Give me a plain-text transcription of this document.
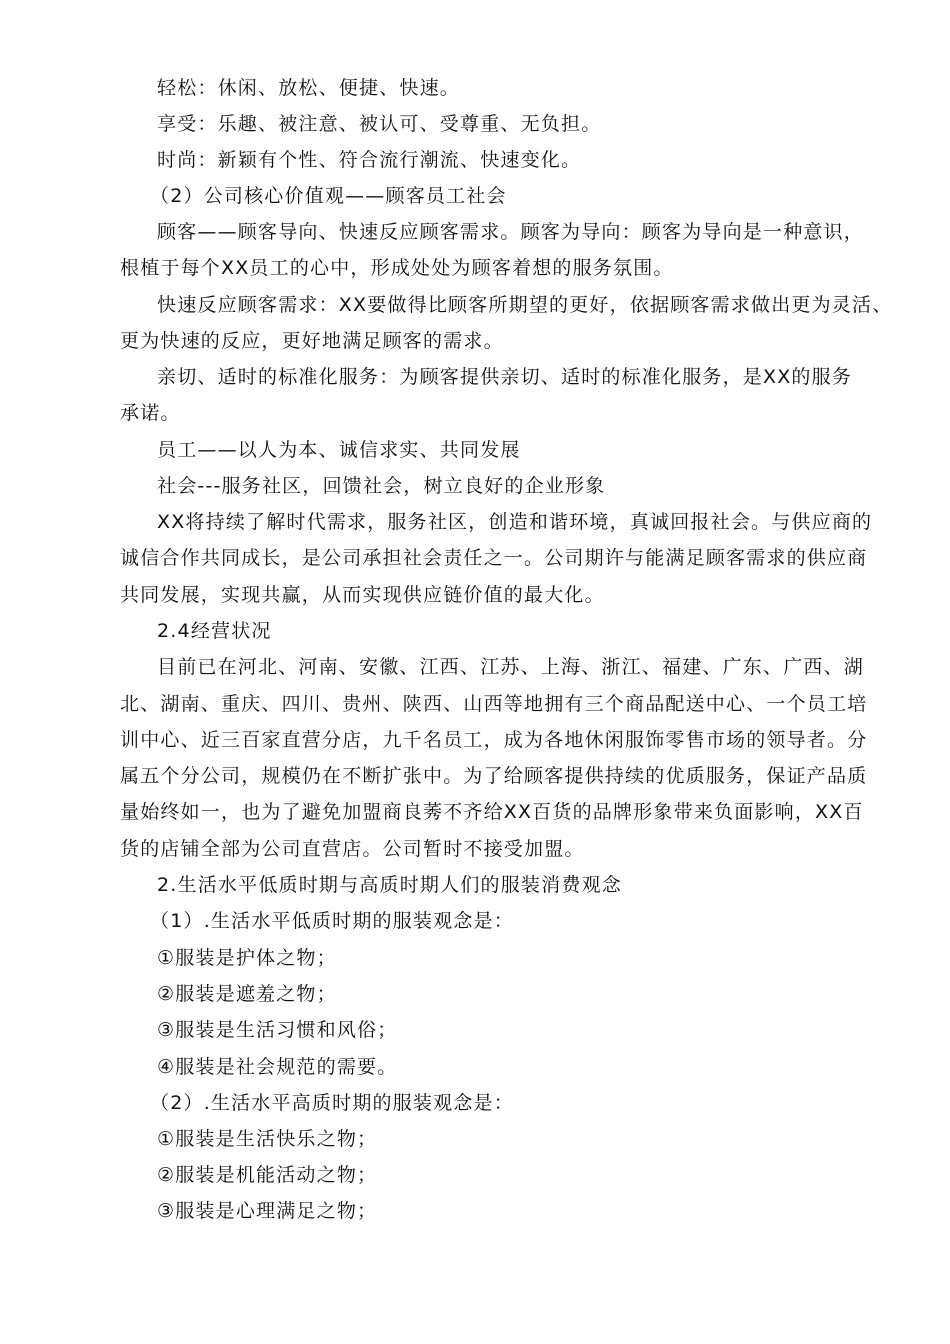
轻松：休闲、放松、便捷、快速。
享受：乐趣、被注意、被认可、受尊重、无负担。
时尚：新颖有个性、符合流行潮流、快速变化。
（2）公司核心价值观——顾客员工社会
顾客——顾客导向、快速反应顾客需求。顾客为导向：顾客为导向是一种意识，
根植于每个XX员工的心中，形成处处为顾客着想的服务氛围。
快速反应顾客需求：XX要做得比顾客所期望的更好，依据顾客需求做出更为灵活、
更为快速的反应，更好地满足顾客的需求。
亲切、适时的标准化服务：为顾客提供亲切、适时的标准化服务，是XX的服务
承诺。
员工——以人为本、诚信求实、共同发展
社会---服务社区，回馈社会，树立良好的企业形象
XX将持续了解时代需求，服务社区，创造和谐环境，真诚回报社会。与供应商的
诚信合作共同成长，是公司承担社会责任之一。公司期许与能满足顾客需求的供应商
共同发展，实现共赢，从而实现供应链价值的最大化。
2.4经营状况
目前已在河北、河南、安徽、江西、江苏、上海、浙江、福建、广东、广西、湖
北、湖南、重庆、四川、贵州、陕西、山西等地拥有三个商品配送中心、一个员工培
训中心、近三百家直营分店，九千名员工，成为各地休闲服饰零售市场的领导者。分
属五个分公司，规模仍在不断扩张中。为了给顾客提供持续的优质服务，保证产品质
量始终如一，也为了避免加盟商良莠不齐给XX百货的品牌形象带来负面影响，XX百
货的店铺全部为公司直营店。公司暂时不接受加盟。
2.生活水平低质时期与高质时期人们的服装消费观念
（1）.生活水平低质时期的服装观念是：
①服装是护体之物；
②服装是遮羞之物；
③服装是生活习惯和风俗；
④服装是社会规范的需要。
（2）.生活水平高质时期的服装观念是：
①服装是生活快乐之物；
②服装是机能活动之物；
③服装是心理满足之物；
